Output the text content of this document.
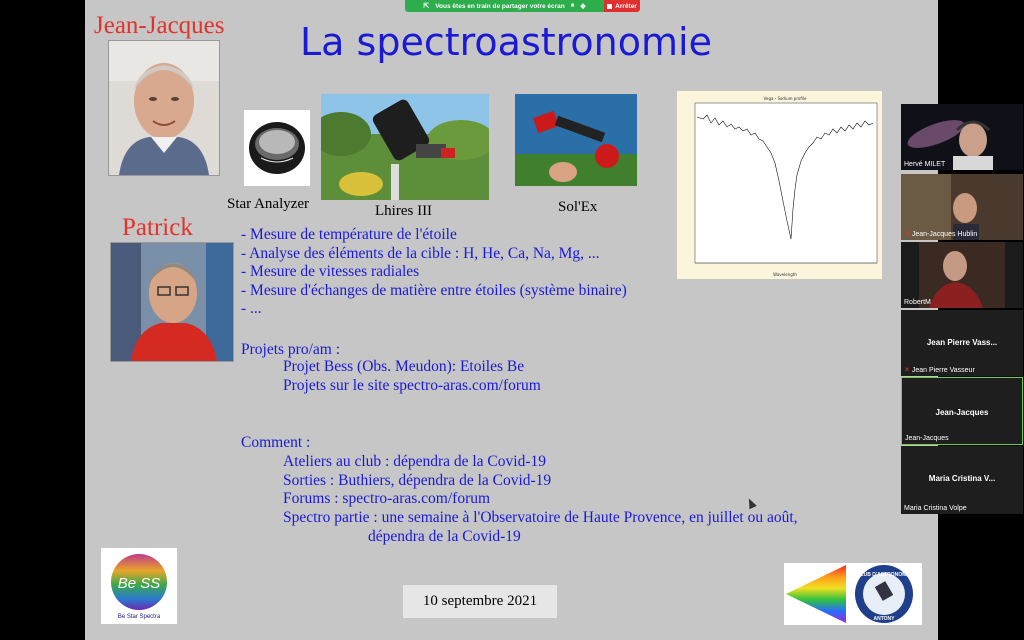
⇱ Vous êtes en train de partager votre écran ⏸ ◈	Arrêter
La spectroastronomie
Jean-Jacques
Patrick
Star Analyzer	Lhires III	Sol'Ex
Vega - Sodium profile
Wavelength
- Mesure de température de l'étoile
- Analyse des éléments de la cible : H, He, Ca, Na, Mg, ...
- Mesure de vitesses radiales
- Mesure d'échanges de matière entre étoiles (système binaire)
- ...
Projets pro/am :
Projet Bess (Obs. Meudon): Etoiles Be
Projets sur le site spectro-aras.com/forum
Comment :
Ateliers au club : dépendra de la Covid-19
Sorties : Buthiers, dépendra de la Covid-19
Forums : spectro-aras.com/forum
Spectro partie : une semaine à l'Observatoire de Haute Provence, en juillet ou août,
dépendra de la Covid-19
Be SS
Be Star Spectra
10 septembre 2021
CLUB D'ASTRONOMIE
ANTONY
Hervé MILET
✕ Jean-Jacques Hublin
RobertM
Jean Pierre Vass...
✕ Jean Pierre Vasseur
Jean-Jacques
Jean-Jacques
Maria Cristina V...
Maria Cristina Volpe
